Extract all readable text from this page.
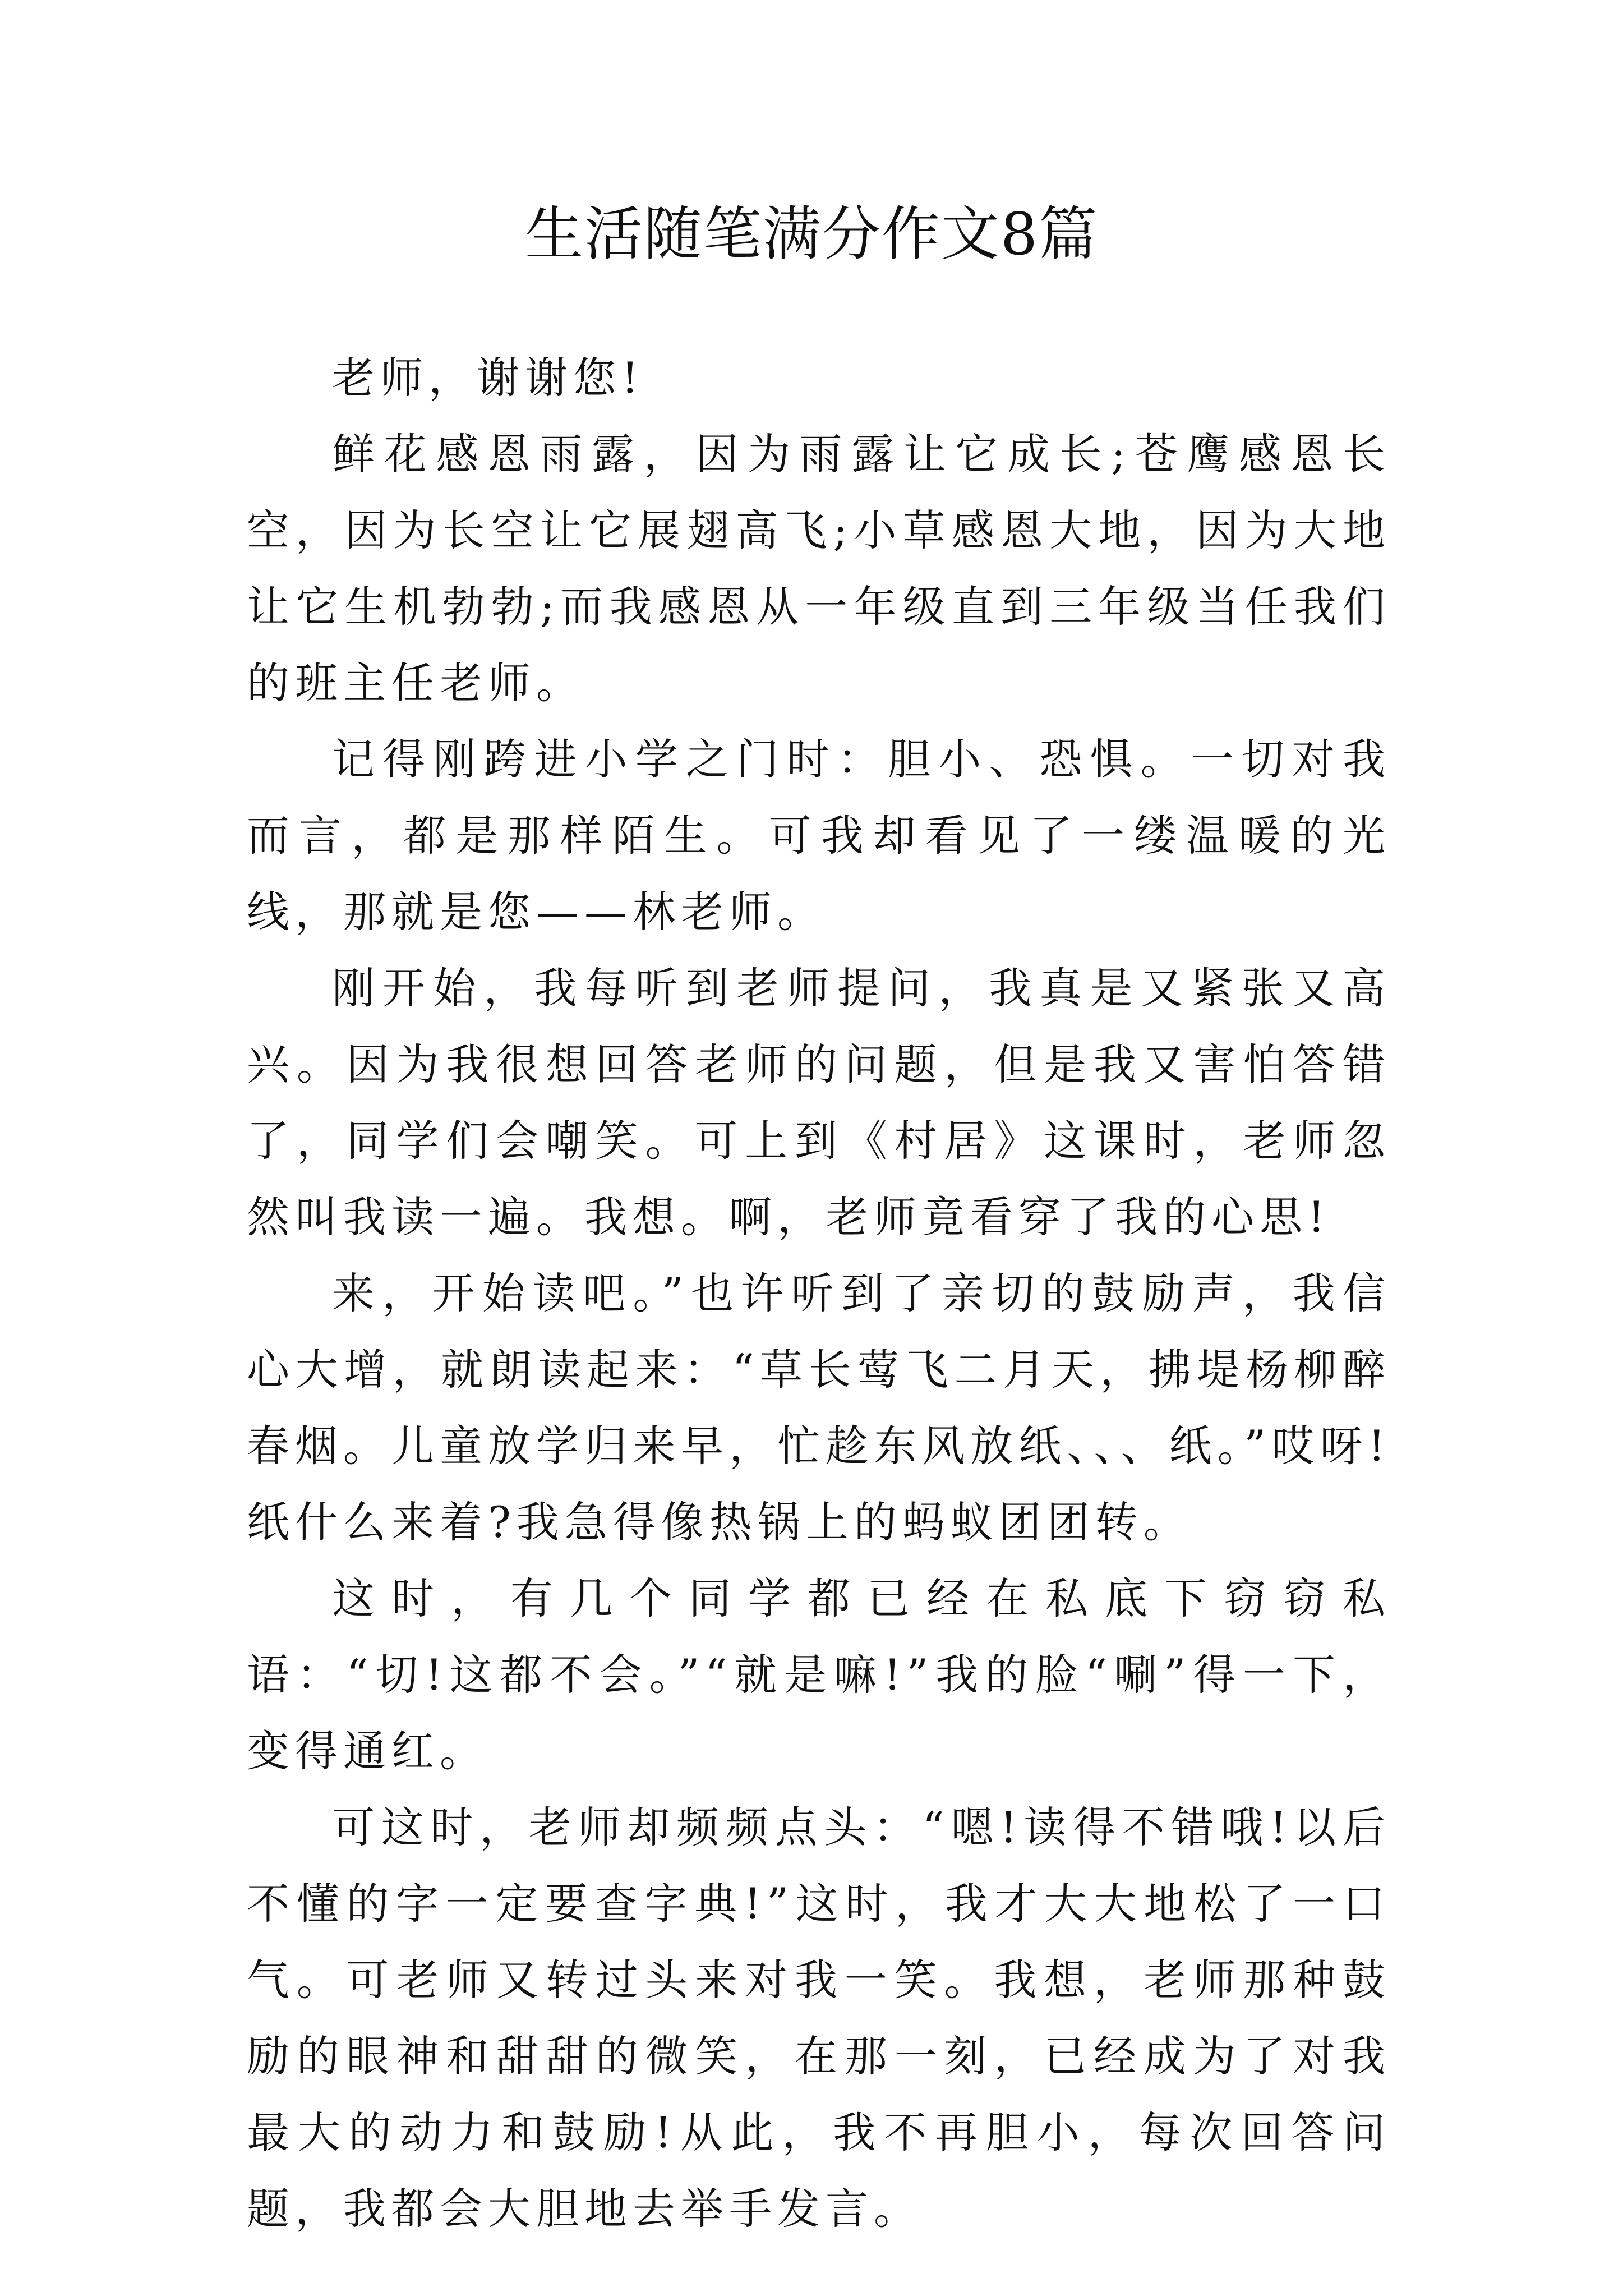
生活随笔满分作文8篇

老师，谢谢您!

鲜花感恩雨露，因为雨露让它成长;苍鹰感恩长空，因为长空让它展翅高飞;小草感恩大地，因为大地让它生机勃勃;而我感恩从一年级直到三年级当任我们的班主任老师。

记得刚跨进小学之门时：胆小、恐惧。一切对我而言，都是那样陌生。可我却看见了一缕温暖的光线，那就是您——林老师。

刚开始，我每听到老师提问，我真是又紧张又高兴。因为我很想回答老师的问题，但是我又害怕答错了，同学们会嘲笑。可上到《村居》这课时，老师忽然叫我读一遍。我想。啊，老师竟看穿了我的心思!

来，开始读吧。”也许听到了亲切的鼓励声，我信心大增，就朗读起来：“草长莺飞二月天，拂堤杨柳醉春烟。儿童放学归来早，忙趁东风放纸、、、纸。”哎呀!纸什么来着?我急得像热锅上的蚂蚁团团转。

这时，有几个同学都已经在私底下窃窃私语：“切!这都不会。”“就是嘛!”我的脸“唰”得一下，变得通红。

可这时，老师却频频点头：“嗯!读得不错哦!以后不懂的字一定要查字典!”这时，我才大大地松了一口气。可老师又转过头来对我一笑。我想，老师那种鼓励的眼神和甜甜的微笑，在那一刻，已经成为了对我最大的动力和鼓励!从此，我不再胆小，每次回答问题，我都会大胆地去举手发言。
